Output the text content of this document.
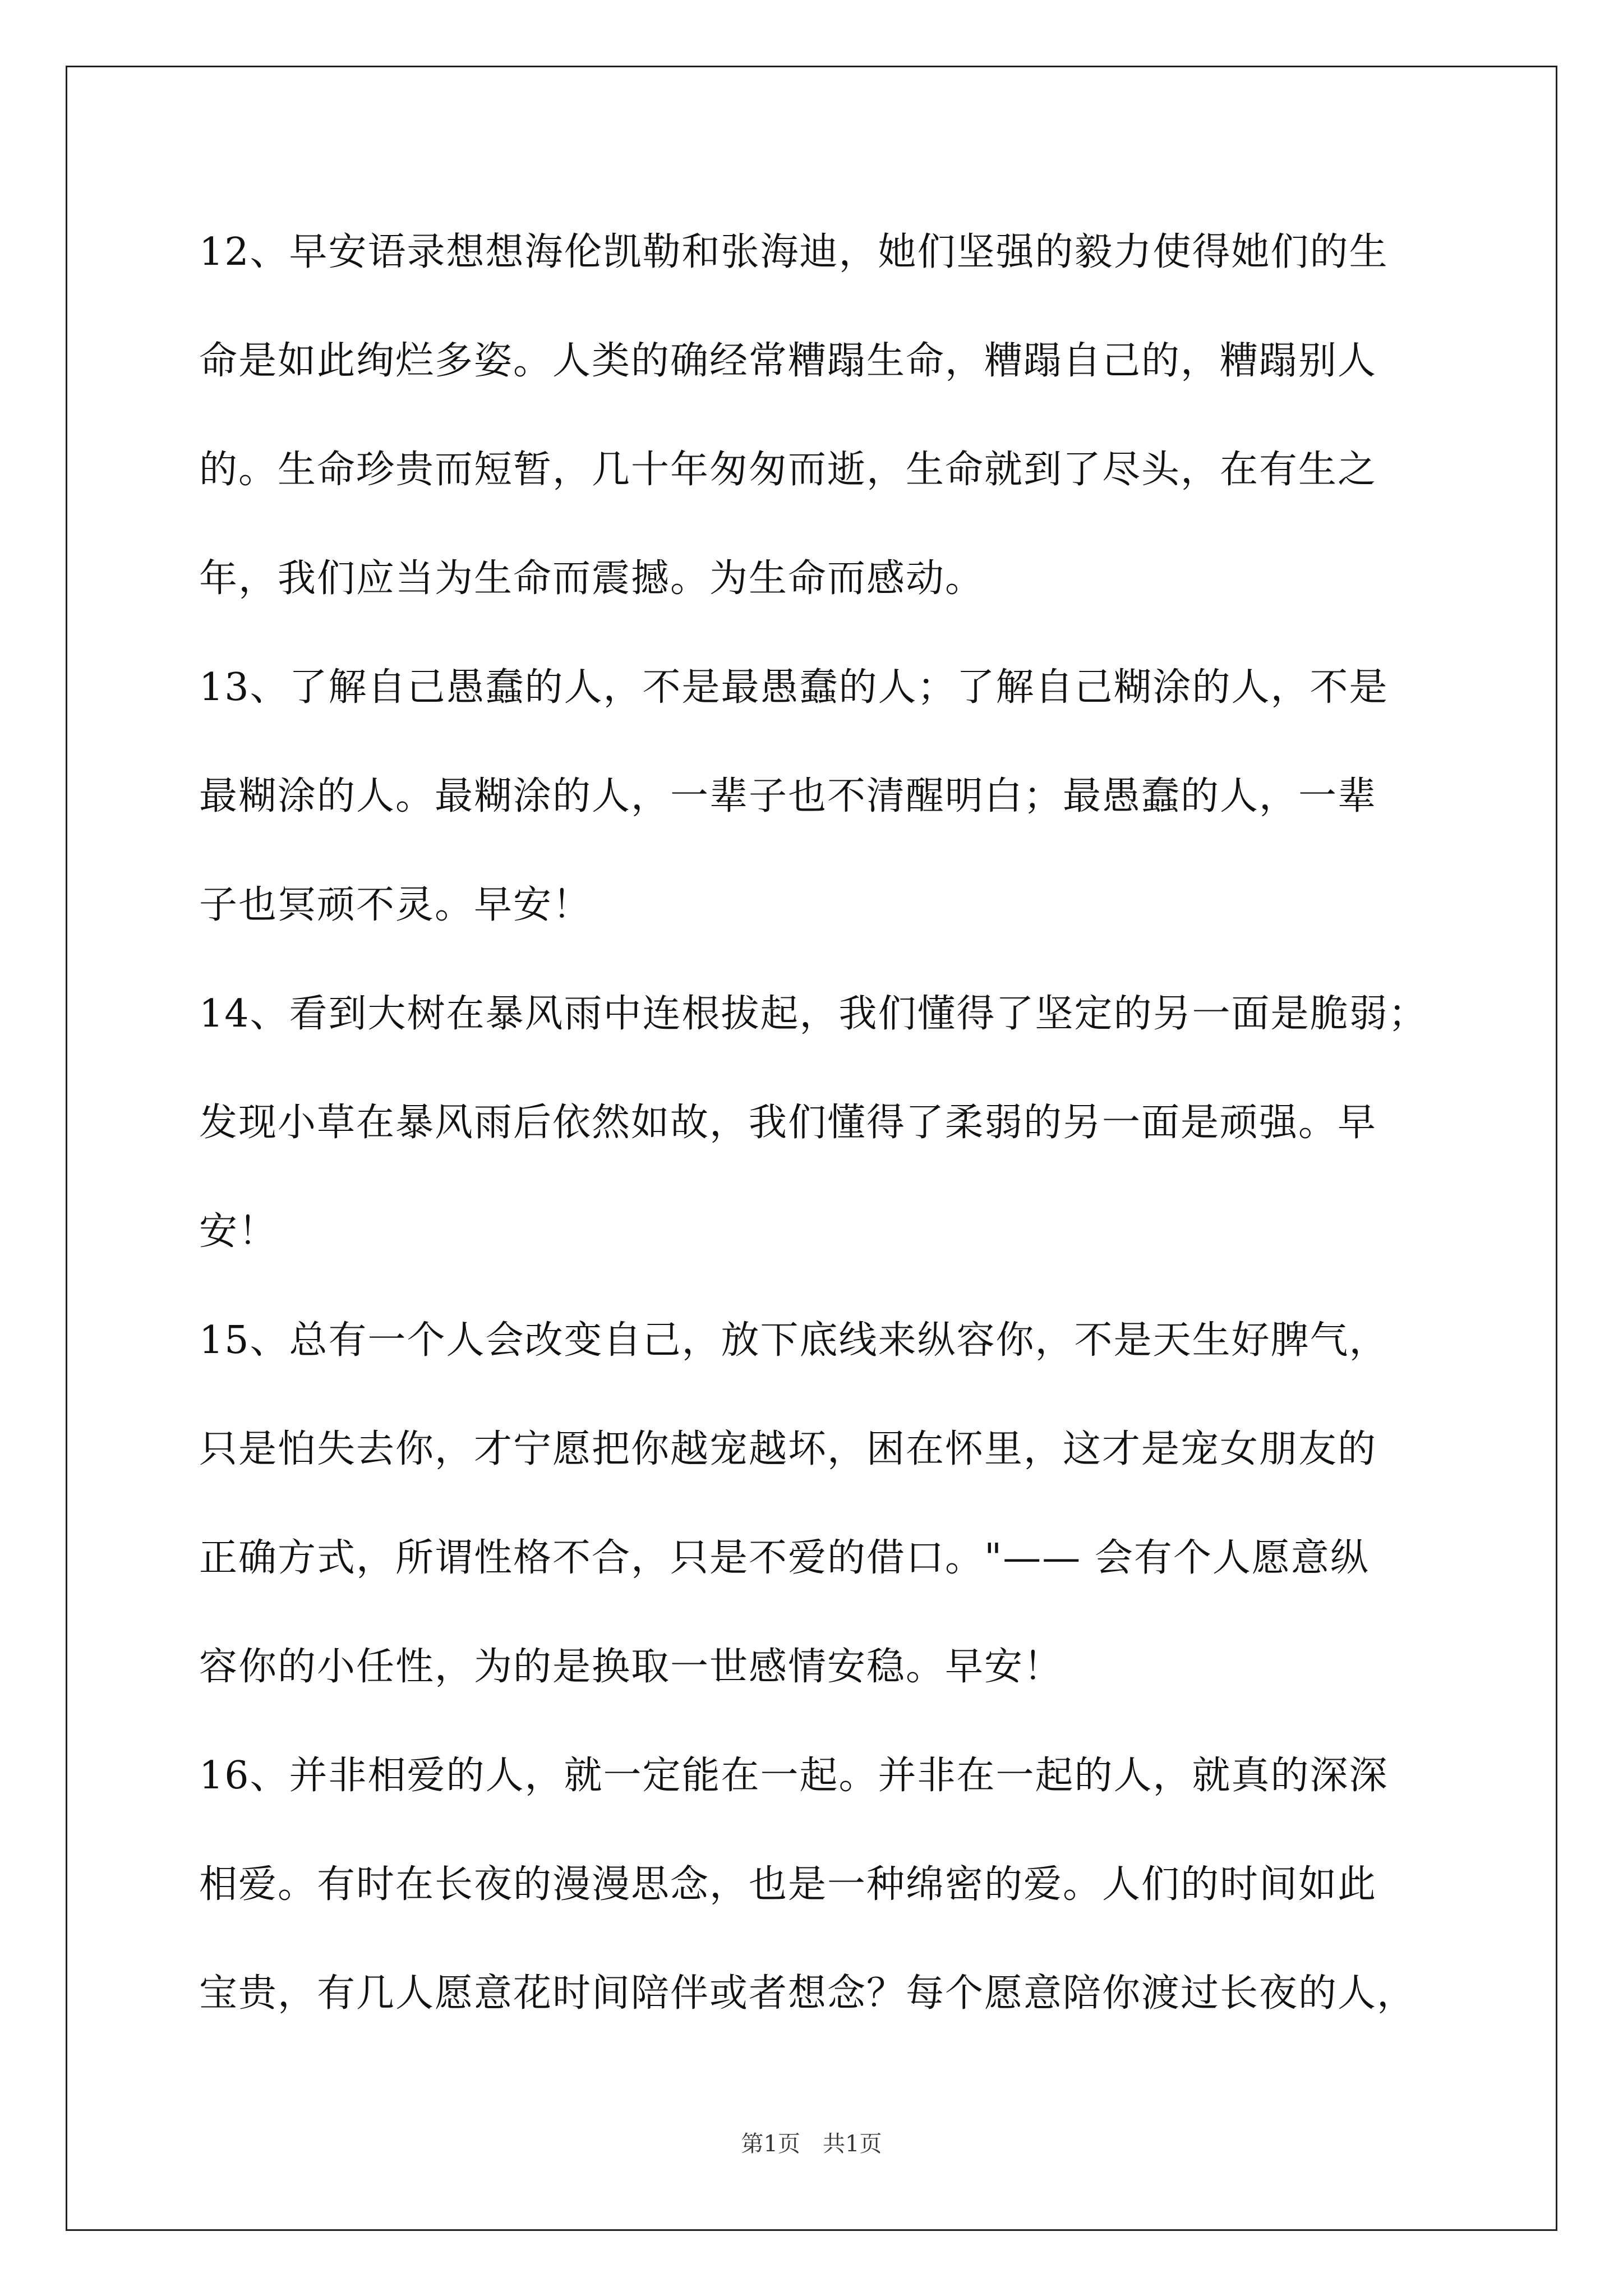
12、早安语录想想海伦凯勒和张海迪，她们坚强的毅力使得她们的生
命是如此绚烂多姿。人类的确经常糟蹋生命，糟蹋自己的，糟蹋别人
的。生命珍贵而短暂，几十年匆匆而逝，生命就到了尽头，在有生之
年，我们应当为生命而震撼。为生命而感动。
13、了解自己愚蠢的人，不是最愚蠢的人；了解自己糊涂的人，不是
最糊涂的人。最糊涂的人，一辈子也不清醒明白；最愚蠢的人，一辈
子也冥顽不灵。早安！
14、看到大树在暴风雨中连根拔起，我们懂得了坚定的另一面是脆弱；
发现小草在暴风雨后依然如故，我们懂得了柔弱的另一面是顽强。早
安！
15、总有一个人会改变自己，放下底线来纵容你，不是天生好脾气，
只是怕失去你，才宁愿把你越宠越坏，困在怀里，这才是宠女朋友的
正确方式，所谓性格不合，只是不爱的借口。"—— 会有个人愿意纵
容你的小任性，为的是换取一世感情安稳。早安！
16、并非相爱的人，就一定能在一起。并非在一起的人，就真的深深
相爱。有时在长夜的漫漫思念，也是一种绵密的爱。人们的时间如此
宝贵，有几人愿意花时间陪伴或者想念？每个愿意陪你渡过长夜的人，
第1页　共1页
